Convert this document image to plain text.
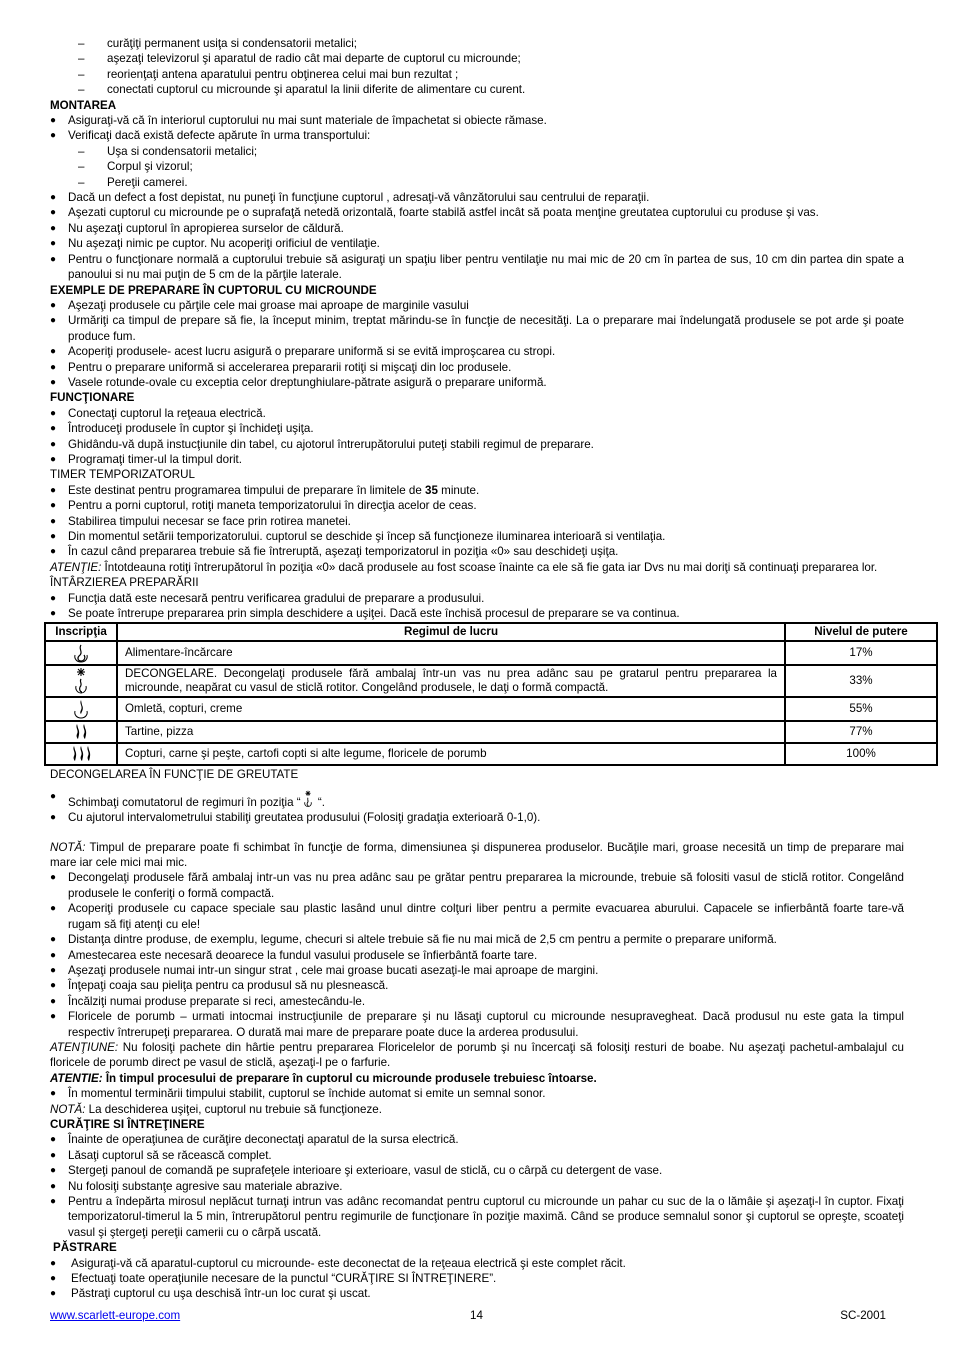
–	curăţiţi permanent usiţa si condensatorii metalici;
–	aşezaţi televizorul şi aparatul de radio cât mai departe de cuptorul cu microunde;
–	reorienţaţi antena aparatului pentru obţinerea celui mai bun rezultat ;
–	conectati cuptorul cu microunde şi aparatul la linii diferite de alimentare cu curent.
MONTAREA
●	Asiguraţi-vă că în interiorul cuptorului nu mai sunt materiale de împachetat si obiecte rămase.
●	Verificaţi dacă există defecte apărute în urma transportului:
–	Uşa si condensatorii metalici;
–	Corpul şi vizorul;
–	Pereţii camerei.
●	Dacă un defect a fost depistat, nu puneţi în funcţiune cuptorul , adresaţi-vă vânzătorului sau centrului de reparaţii.
●	Aşezati cuptorul cu microunde pe o suprafaţă netedă orizontală, foarte stabilă astfel incât să poata menţine greutatea cuptorului cu produse şi vas.
●	Nu aşezaţi cuptorul în apropierea surselor de căldură.
●	Nu aşezaţi nimic pe cuptor. Nu acoperiţi orificiul de ventilaţie.
●	Pentru o funcţionare normală a cuptorului trebuie să asiguraţi un spaţiu liber pentru ventilaţie nu mai mic de 20 cm în partea de sus, 10 cm din partea din spate a panoului si nu mai puţin de 5 cm de la părţile laterale.
EXEMPLE DE PREPARARE ÎN CUPTORUL CU MICROUNDE
●	Aşezaţi produsele cu părţile cele mai groase mai aproape de marginile vasului
●	Urmăriţi ca timpul de prepare să fie, la început minim, treptat mărindu-se în funcţie de necesităţi. La o preparare mai îndelungată produsele se pot arde şi poate produce fum.
●	Acoperiţi produsele- acest lucru asigură o preparare uniformă si se evită improşcarea cu stropi.
●	Pentru o preparare uniformă si accelerarea prepararii rotiţi si mişcaţi din loc produsele.
●	Vasele rotunde-ovale cu exceptia celor dreptunghiulare-pătrate asigură o preparare uniformă.
FUNCŢIONARE
●	Conectaţi cuptorul la reţeaua electrică.
●	Întroduceţi produsele în cuptor şi închideţi uşiţa.
●	Ghidându-vă după instucţiunile din tabel, cu ajotorul întrerupătorului puteţi stabili regimul de preparare.
●	Programaţi timer-ul la timpul dorit.
TIMER TEMPORIZATORUL
●	Este destinat pentru programarea timpului de preparare în limitele de 35 minute.
●	Pentru a porni cuptorul, rotiţi maneta temporizatorului în direcţia acelor de ceas.
●	Stabilirea timpului necesar se face prin rotirea manetei.
●	Din momentul setării temporizatorului. cuptorul se deschide şi încep să funcţioneze iluminarea interioară si ventilaţia.
●	În cazul când prepararea trebuie să fie întreruptă, aşezaţi temporizatorul in poziţia «0» sau deschideţi uşiţa.

ATENŢIE: Întotdeauna rotiţi întrerupătorul în poziţia «0» dacă produsele au fost scoase înainte ca ele să fie gata iar Dvs nu mai doriţi să continuaţi prepararea lor.

ÎNTÂRZIEREA PREPARĂRII
●	Funcţia dată este necesară pentru verificarea gradului de preparare a produsului.
●	Se poate întrerupe prepararea prin simpla deschidere a uşiţei. Dacă este închisă procesul de preparare se va continua.
Inscripţia	Regimul de lucru	Nivelul de putere
	Alimentare-încărcare	17%
	DECONGELARE. Decongelaţi produsele fără ambalaj într-un vas nu prea adânc sau pe gratarul pentru prepararea la microunde, neapărat cu vasul de sticlă rotitor. Congelând produsele, le daţi o formă compactă.	33%
	Omletă, copturi, creme	55%
	Tartine, pizza	77%
	Copturi, carne şi peşte, cartofi copti si alte legume, floricele de porumb	100%
DECONGELAREA ÎN FUNCŢIE DE GREUTATE
●	Schimbaţi comutatorul de regimuri în poziţia “ “.
●	Cu ajutorul intervalometrului stabiliţi greutatea produsului (Folosiţi gradaţia exterioară 0-1,0).

NOTĂ: Timpul de preparare poate fi schimbat în funcţie de forma, dimensiunea şi dispunerea produselor. Bucăţile mari, groase necesită un timp de preparare mai mare iar cele mici mai mic.

●	Decongelaţi produsele fără ambalaj intr-un vas nu prea adânc sau pe grătar pentru prepararea la microunde, trebuie să folositi vasul de sticlă rotitor. Congelând produsele le conferiţi o formă compactă.
●	Acoperiţi produsele cu capace speciale sau plastic lasând unul dintre colţuri liber pentru a permite evacuarea aburului. Capacele se infierbântă foarte tare-vă rugam să fiţi atenţi cu ele!
●	Distanţa dintre produse, de exemplu, legume, checuri si altele trebuie să fie nu mai mică de 2,5 cm pentru a permite o preparare uniformă.
●	Amestecarea este necesară deoarece la fundul vasului produsele se înfierbântă foarte tare.
●	Aşezaţi produsele numai intr-un singur strat , cele mai groase bucati asezaţi-le mai aproape de margini.
●	Înţepaţi coaja sau pieliţa pentru ca produsul să nu plesnească.
●	Încălziţi numai produse preparate si reci, amestecându-le.
●	Floricele de porumb – urmati intocmai instrucţiunile de preparare şi nu lăsaţi cuptorul cu microunde nesupravegheat. Dacă produsul nu este gata la timpul respectiv întrerupeţi prepararea. O durată mai mare de preparare poate duce la arderea produsului.

ATENŢIUNE: Nu folosiţi pachete din hârtie pentru prepararea Floricelelor de porumb şi nu încercaţi să folosiţi resturi de boabe. Nu aşezaţi pachetul-ambalajul cu floricele de porumb direct pe vasul de sticlă, aşezaţi-l pe o farfurie.

ATENTIE: În timpul procesului de preparare în cuptorul cu microunde produsele trebuiesc întoarse.

●	În momentul terminării timpului stabilit, cuptorul se închide automat si emite un semnal sonor.

NOTĂ: La deschiderea uşiţei, cuptorul nu trebuie să funcţioneze.

CURĂŢIRE SI ÎNTREŢINERE
●	Înainte de operaţiunea de curăţire deconectaţi aparatul de la sursa electrică.
●	Lăsaţi cuptorul să se răcească complet.
●	Stergeţi panoul de comandă pe suprafeţele interioare şi exterioare, vasul de sticlă, cu o cârpă cu detergent de vase.
●	Nu folosiţi substanţe agresive sau materiale abrazive.
●	Pentru a îndepărta mirosul neplăcut turnaţi intrun vas adânc recomandat pentru cuptorul cu microunde un pahar cu suc de la o lămâie şi aşezaţi-l în cuptor. Fixaţi temporizatorul-timerul la 5 min, întrerupătorul pentru regimurile de funcţionare în poziţie maximă. Când se produce semnalul sonor şi cuptorul se opreşte, scoateţi vasul şi ştergeţi pereţii camerii cu o cârpă uscată.
PĂSTRARE
●	Asiguraţi-vă că aparatul-cuptorul cu microunde- este deconectat de la reţeaua electrică şi este complet răcit.
●	Efectuaţi toate operaţiunile necesare de la punctul “CURĂŢIRE SI ÎNTREŢINERE”.
●	Păstraţi cuptorul cu uşa deschisă într-un loc curat şi uscat.
www.scarlett-europe.com	14	SC-2001
